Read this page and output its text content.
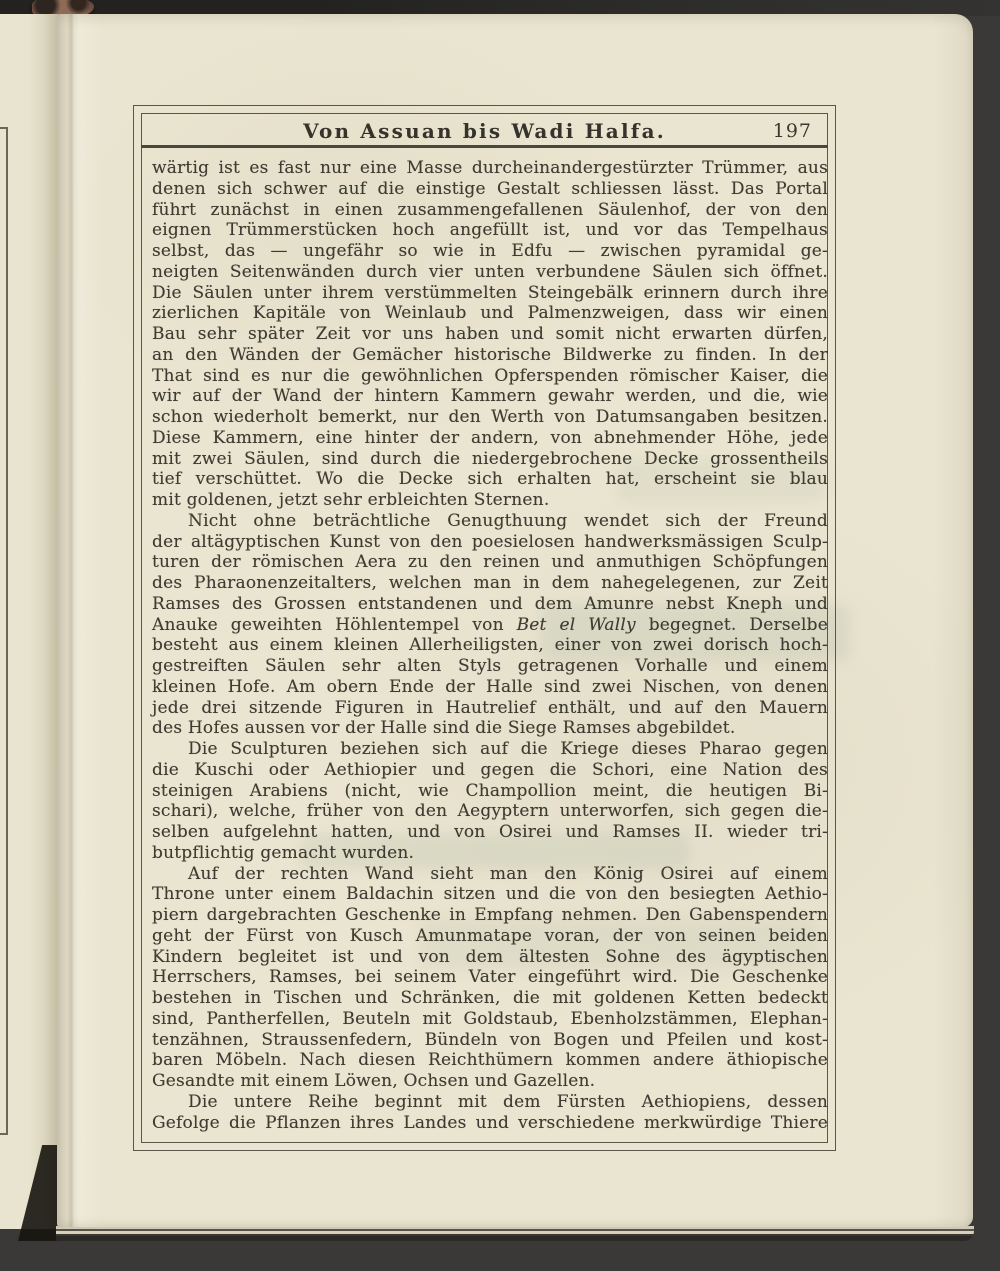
Von Assuan bis Wadi Halfa.	197
wärtig ist es fast nur eine Masse durcheinandergestürzter Trümmer, aus
denen sich schwer auf die einstige Gestalt schliessen lässt. Das Portal
führt zunächst in einen zusammengefallenen Säulenhof, der von den
eignen Trümmerstücken hoch angefüllt ist, und vor das Tempelhaus
selbst, das — ungefähr so wie in Edfu — zwischen pyramidal ge-
neigten Seitenwänden durch vier unten verbundene Säulen sich öffnet.
Die Säulen unter ihrem verstümmelten Steingebälk erinnern durch ihre
zierlichen Kapitäle von Weinlaub und Palmenzweigen, dass wir einen
Bau sehr später Zeit vor uns haben und somit nicht erwarten dürfen,
an den Wänden der Gemächer historische Bildwerke zu finden. In der
That sind es nur die gewöhnlichen Opferspenden römischer Kaiser, die
wir auf der Wand der hintern Kammern gewahr werden, und die, wie
schon wiederholt bemerkt, nur den Werth von Datumsangaben besitzen.
Diese Kammern, eine hinter der andern, von abnehmender Höhe, jede
mit zwei Säulen, sind durch die niedergebrochene Decke grossentheils
tief verschüttet. Wo die Decke sich erhalten hat, erscheint sie blau
mit goldenen, jetzt sehr erbleichten Sternen.
Nicht ohne beträchtliche Genugthuung wendet sich der Freund
der altägyptischen Kunst von den poesielosen handwerksmässigen Sculp-
turen der römischen Aera zu den reinen und anmuthigen Schöpfungen
des Pharaonenzeitalters, welchen man in dem nahegelegenen, zur Zeit
Ramses des Grossen entstandenen und dem Amunre nebst Kneph und
Anauke geweihten Höhlentempel von Bet el Wally begegnet. Derselbe
besteht aus einem kleinen Allerheiligsten, einer von zwei dorisch hoch-
gestreiften Säulen sehr alten Styls getragenen Vorhalle und einem
kleinen Hofe. Am obern Ende der Halle sind zwei Nischen, von denen
jede drei sitzende Figuren in Hautrelief enthält, und auf den Mauern
des Hofes aussen vor der Halle sind die Siege Ramses abgebildet.
Die Sculpturen beziehen sich auf die Kriege dieses Pharao gegen
die Kuschi oder Aethiopier und gegen die Schori, eine Nation des
steinigen Arabiens (nicht, wie Champollion meint, die heutigen Bi-
schari), welche, früher von den Aegyptern unterworfen, sich gegen die-
selben aufgelehnt hatten, und von Osirei und Ramses II. wieder tri-
butpflichtig gemacht wurden.
Auf der rechten Wand sieht man den König Osirei auf einem
Throne unter einem Baldachin sitzen und die von den besiegten Aethio-
piern dargebrachten Geschenke in Empfang nehmen. Den Gabenspendern
geht der Fürst von Kusch Amunmatape voran, der von seinen beiden
Kindern begleitet ist und von dem ältesten Sohne des ägyptischen
Herrschers, Ramses, bei seinem Vater eingeführt wird. Die Geschenke
bestehen in Tischen und Schränken, die mit goldenen Ketten bedeckt
sind, Pantherfellen, Beuteln mit Goldstaub, Ebenholzstämmen, Elephan-
tenzähnen, Straussenfedern, Bündeln von Bogen und Pfeilen und kost-
baren Möbeln. Nach diesen Reichthümern kommen andere äthiopische
Gesandte mit einem Löwen, Ochsen und Gazellen.
Die untere Reihe beginnt mit dem Fürsten Aethiopiens, dessen
Gefolge die Pflanzen ihres Landes und verschiedene merkwürdige Thiere
